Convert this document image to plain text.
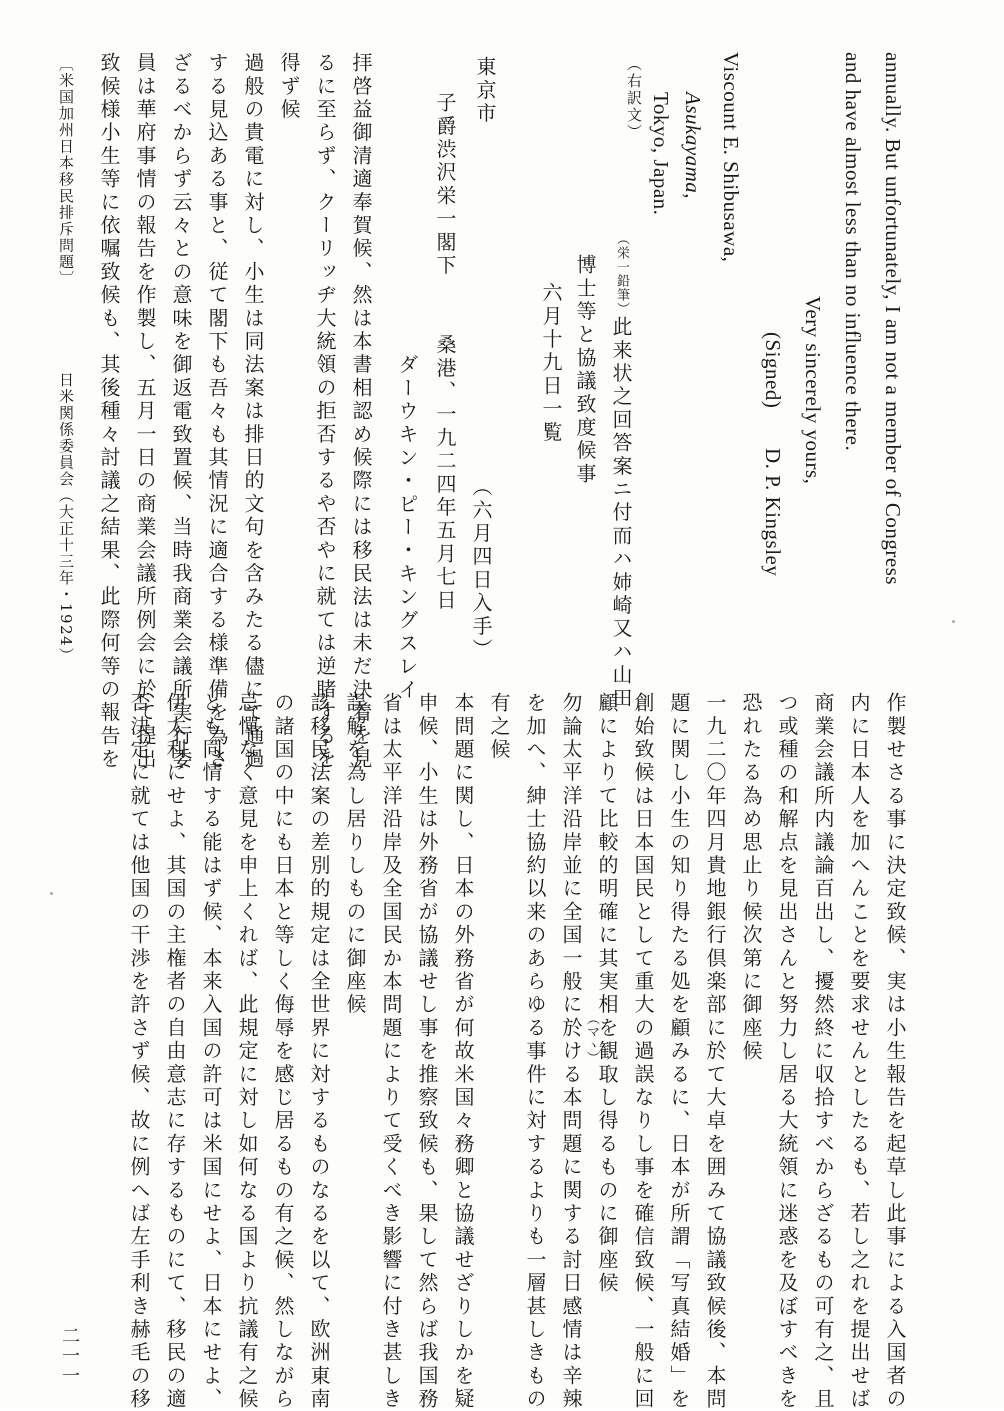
annually. But unfortunately, I am not a member of Congress
and have almost less than no influence there.
Very sincerely yours,
(Signed)
D. P. Kingsley
Viscount E. Shibusawa,
Asukayama,
Tokyo, Japan.
（栄一鉛筆）此来状之回答案ニ付而ハ姉崎又ハ山田
博士等と協議致度候事
六月十九日一覧
（右訳文）
（六月四日入手）
東京市
子爵渋沢栄一閣下
桑港、一九二四年五月七日
ダーウキン・ピー・キングスレイ
拝啓益御清適奉賀候、然は本書相認め候際には移民法は未だ決着を見
るに至らず、クーリッヂ大統領の拒否するや否やに就ては逆睹するを
得ず候
過般の貴電に対し、小生は同法案は排日的文句を含みたる儘にて通過
する見込ある事と、従て閣下も吾々も其情況に適合する様準備を為さ
ざるべからず云々との意味を御返電致置候、当時我商業会議所実行委
員は華府事情の報告を作製し、五月一日の商業会議所例会に於て提出
致候様小生等に依嘱致候も、其後種々討議之結果、此際何等の報告を
〔米国加州日本移民排斥問題〕
日米関係委員会（大正十三年・1924）
作製せさる事に決定致候、実は小生報告を起草し此事による入国者の
内に日本人を加へんことを要求せんとしたるも、若し之れを提出せば
商業会議所内議論百出し、擾然終に収拾すべからざるもの可有之、且
つ或種の和解点を見出さんと努力し居る大統領に迷惑を及ぼすべきを
恐れたる為め思止り候次第に御座候
一九二〇年四月貴地銀行倶楽部に於て大卓を囲みて協議致候後、本問
題に関し小生の知り得たる処を顧みるに、日本が所謂「写真結婚」を
創始致候は日本国民として重大の過誤なりし事を確信致候、一般に回
顧によりて比較的明確に其実相を観取し得るものに御座候
勿論太平洋沿岸並に全国一般に於ける本問題に関する討日感情は辛辣 （マヽ）
を加へ、紳士協約以来のあらゆる事件に対するよりも一層甚しきもの
有之候
本問題に関し、日本の外務省が何故米国々務卿と協議せざりしかを疑
申候、小生は外務省が協議せし事を推察致候も、果して然らば我国務
省は太平洋沿岸及全国民か本問題によりて受くべき影響に付き甚しき
誤解を為し居りしものに御座候
該移民法案の差別的規定は全世界に対するものなるを以て、欧洲東南
の諸国の中にも日本と等しく侮辱を感じ居るもの有之候、然しながら
忌憚なく意見を申上くれば、此規定に対し如何なる国より抗議有之候
とも同情する能はず候、本来入国の許可は米国にせよ、日本にせよ、
伊太利にせよ、其国の主権者の自由意志に存するものにて、移民の適
否決定に就ては他国の干渉を許さず候、故に例へば左手利き赫毛の移
二一一
